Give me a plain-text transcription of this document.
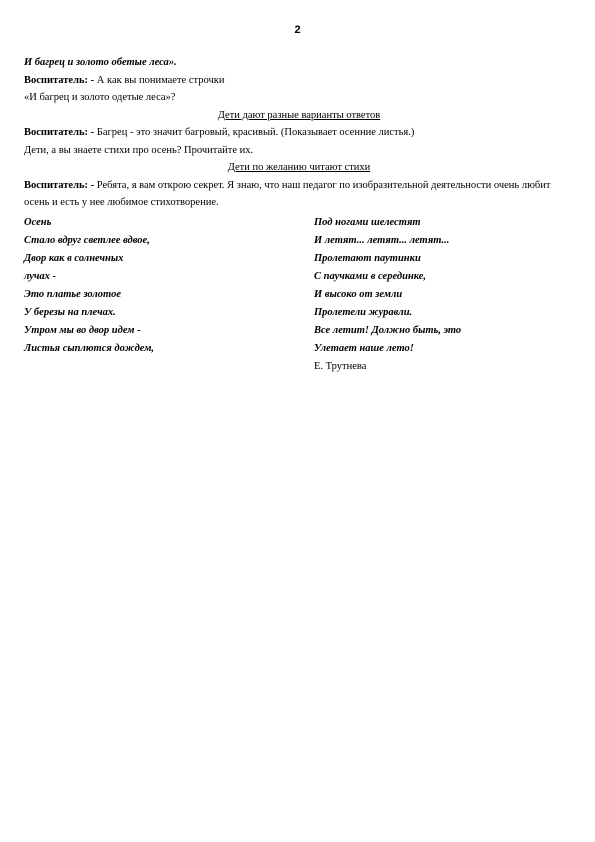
2
И багрец и золото обетые леса».
Воспитатель: - А как вы понимаете строчки
«И багрец и золото одетые леса»?
Дети дают разные варианты ответов
Воспитатель: - Багрец - это значит багровый, красивый. (Показывает осенние листья.)
Дети, а вы знаете стихи про осень? Прочитайте их.
Дети по желанию читают стихи
Воспитатель: - Ребята, я вам открою секрет. Я знаю, что наш педагог по изобразительной деятельности очень любит осень и есть у нее любимое стихотворение.
Осень
Стало вдруг светлее вдвое,
Двор как в солнечных
лучах -
Это платье золотое
У березы на плечах.
Утром мы во двор идем -
Листья сыплются дождем,
Под ногами шелестят
И летят... летят... летят...
Пролетают паутинки
С паучками в серединке,
И высоко от земли
Пролетели журавли.
Все летит! Должно быть, это
Улетает наше лето!
Е. Трутнева
